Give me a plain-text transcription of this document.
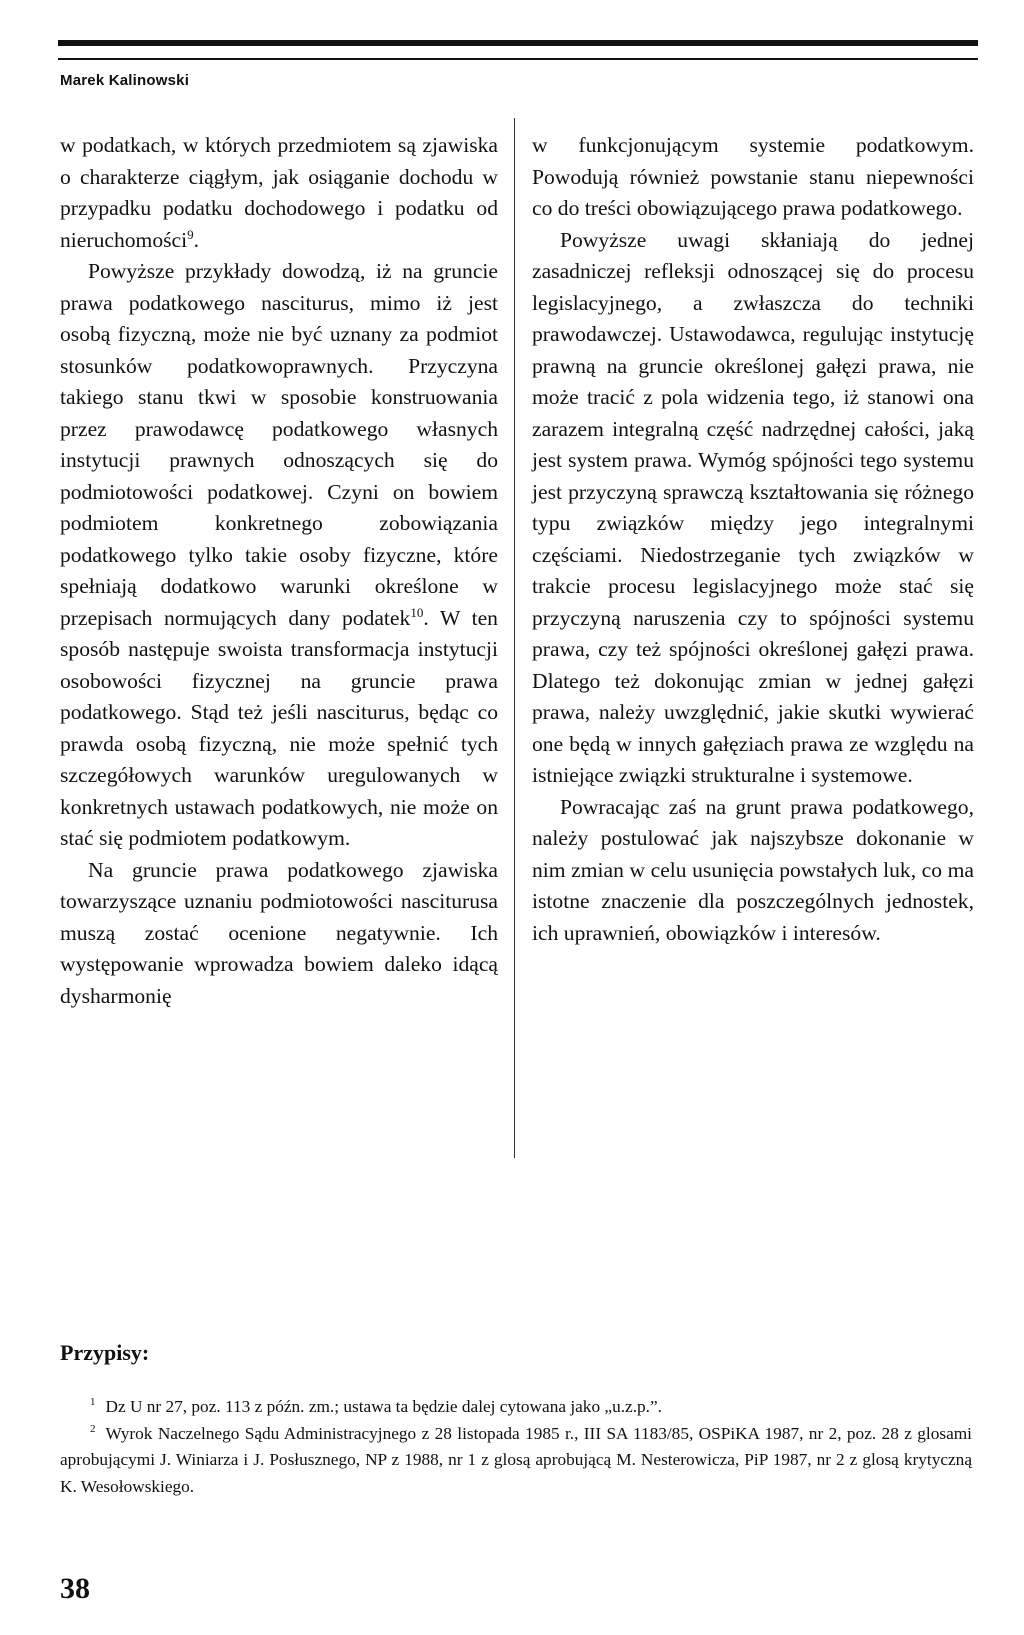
Marek Kalinowski

w podatkach, w których przedmiotem są zjawiska o charakterze ciągłym, jak osiąganie dochodu w przypadku podatku dochodowego i podatku od nieruchomości$^9$.

Powyższe przykłady dowodzą, iż na gruncie prawa podatkowego nasciturus, mimo iż jest osobą fizyczną, może nie być uznany za podmiot stosunków podatkowoprawnych. Przyczyna takiego stanu tkwi w sposobie konstruowania przez prawodawcę podatkowego własnych instytucji prawnych odnoszących się do podmiotowości podatkowej. Czyni on bowiem podmiotem konkretnego zobowiązania podatkowego tylko takie osoby fizyczne, które spełniają dodatkowo warunki określone w przepisach normujących dany podatek$^{10}$. W ten sposób następuje swoista transformacja instytucji osobowości fizycznej na gruncie prawa podatkowego. Stąd też jeśli nasciturus, będąc co prawda osobą fizyczną, nie może spełnić tych szczegółowych warunków uregulowanych w konkretnych ustawach podatkowych, nie może on stać się podmiotem podatkowym.

Na gruncie prawa podatkowego zjawiska towarzyszące uznaniu podmiotowości nasciturusa muszą zostać ocenione negatywnie. Ich występowanie wprowadza bowiem daleko idącą dysharmonię

w funkcjonującym systemie podatkowym. Powodują również powstanie stanu niepewności co do treści obowiązującego prawa podatkowego.

Powyższe uwagi skłaniają do jednej zasadniczej refleksji odnoszącej się do procesu legislacyjnego, a zwłaszcza do techniki prawodawczej. Ustawodawca, regulując instytucję prawną na gruncie określonej gałęzi prawa, nie może tracić z pola widzenia tego, iż stanowi ona zarazem integralną część nadrzędnej całości, jaką jest system prawa. Wymóg spójności tego systemu jest przyczyną sprawczą kształtowania się różnego typu związków między jego integralnymi częściami. Niedostrzeganie tych związków w trakcie procesu legislacyjnego może stać się przyczyną naruszenia czy to spójności systemu prawa, czy też spójności określonej gałęzi prawa. Dlatego też dokonując zmian w jednej gałęzi prawa, należy uwzględnić, jakie skutki wywierać one będą w innych gałęziach prawa ze względu na istniejące związki strukturalne i systemowe.

Powracając zaś na grunt prawa podatkowego, należy postulować jak najszybsze dokonanie w nim zmian w celu usunięcia powstałych luk, co ma istotne znaczenie dla poszczególnych jednostek, ich uprawnień, obowiązków i interesów.

Przypisy:

$^1$ Dz U nr 27, poz. 113 z późn. zm.; ustawa ta będzie dalej cytowana jako „u.z.p.”.

$^2$ Wyrok Naczelnego Sądu Administracyjnego z 28 listopada 1985 r., III SA 1183/85, OSPiKA 1987, nr 2, poz. 28 z glosami aprobującymi J. Winiarza i J. Posłusznego, NP z 1988, nr 1 z glosą aprobującą M. Nesterowicza, PiP 1987, nr 2 z glosą krytyczną K. Wesołowskiego.

38
